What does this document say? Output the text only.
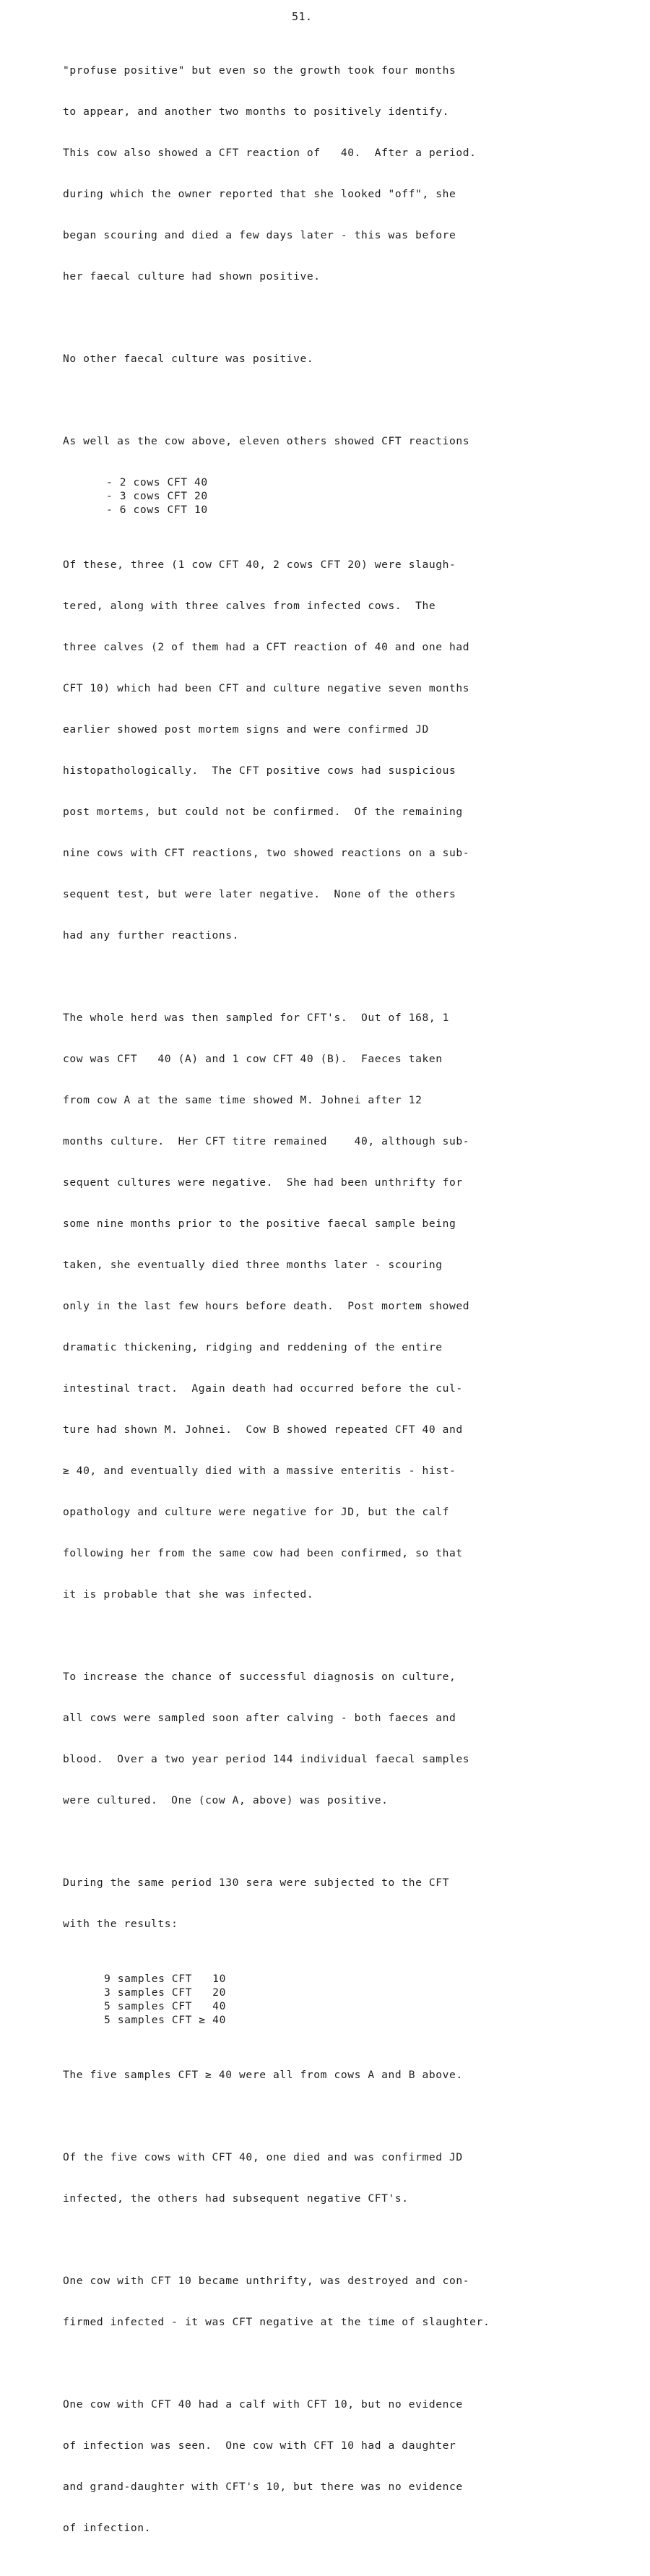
51.

"profuse positive" but even so the growth took four months

to appear, and another two months to positively identify.

This cow also showed a CFT reaction of   40.  After a period.

during which the owner reported that she looked "off", she

began scouring and died a few days later - this was before

her faecal culture had shown positive.

No other faecal culture was positive.

As well as the cow above, eleven others showed CFT reactions

- 2 cows CFT 40
- 3 cows CFT 20
- 6 cows CFT 10

Of these, three (1 cow CFT 40, 2 cows CFT 20) were slaugh-

tered, along with three calves from infected cows.  The

three calves (2 of them had a CFT reaction of 40 and one had

CFT 10) which had been CFT and culture negative seven months

earlier showed post mortem signs and were confirmed JD

histopathologically.  The CFT positive cows had suspicious

post mortems, but could not be confirmed.  Of the remaining

nine cows with CFT reactions, two showed reactions on a sub-

sequent test, but were later negative.  None of the others

had any further reactions.

The whole herd was then sampled for CFT's.  Out of 168, 1

cow was CFT   40 (A) and 1 cow CFT 40 (B).  Faeces taken

from cow A at the same time showed M. Johnei after 12

months culture.  Her CFT titre remained    40, although sub-

sequent cultures were negative.  She had been unthrifty for

some nine months prior to the positive faecal sample being

taken, she eventually died three months later - scouring

only in the last few hours before death.  Post mortem showed

dramatic thickening, ridging and reddening of the entire

intestinal tract.  Again death had occurred before the cul-

ture had shown M. Johnei.  Cow B showed repeated CFT 40 and

≥ 40, and eventually died with a massive enteritis - hist-

opathology and culture were negative for JD, but the calf

following her from the same cow had been confirmed, so that

it is probable that she was infected.

To increase the chance of successful diagnosis on culture,

all cows were sampled soon after calving - both faeces and

blood.  Over a two year period 144 individual faecal samples

were cultured.  One (cow A, above) was positive.

During the same period 130 sera were subjected to the CFT

with the results:

9 samples CFT   10
3 samples CFT   20
5 samples CFT   40
5 samples CFT ≥ 40

The five samples CFT ≥ 40 were all from cows A and B above.

Of the five cows with CFT 40, one died and was confirmed JD

infected, the others had subsequent negative CFT's.

One cow with CFT 10 became unthrifty, was destroyed and con-

firmed infected - it was CFT negative at the time of slaughter.

One cow with CFT 40 had a calf with CFT 10, but no evidence

of infection was seen.  One cow with CFT 10 had a daughter

and grand-daughter with CFT's 10, but there was no evidence

of infection.
